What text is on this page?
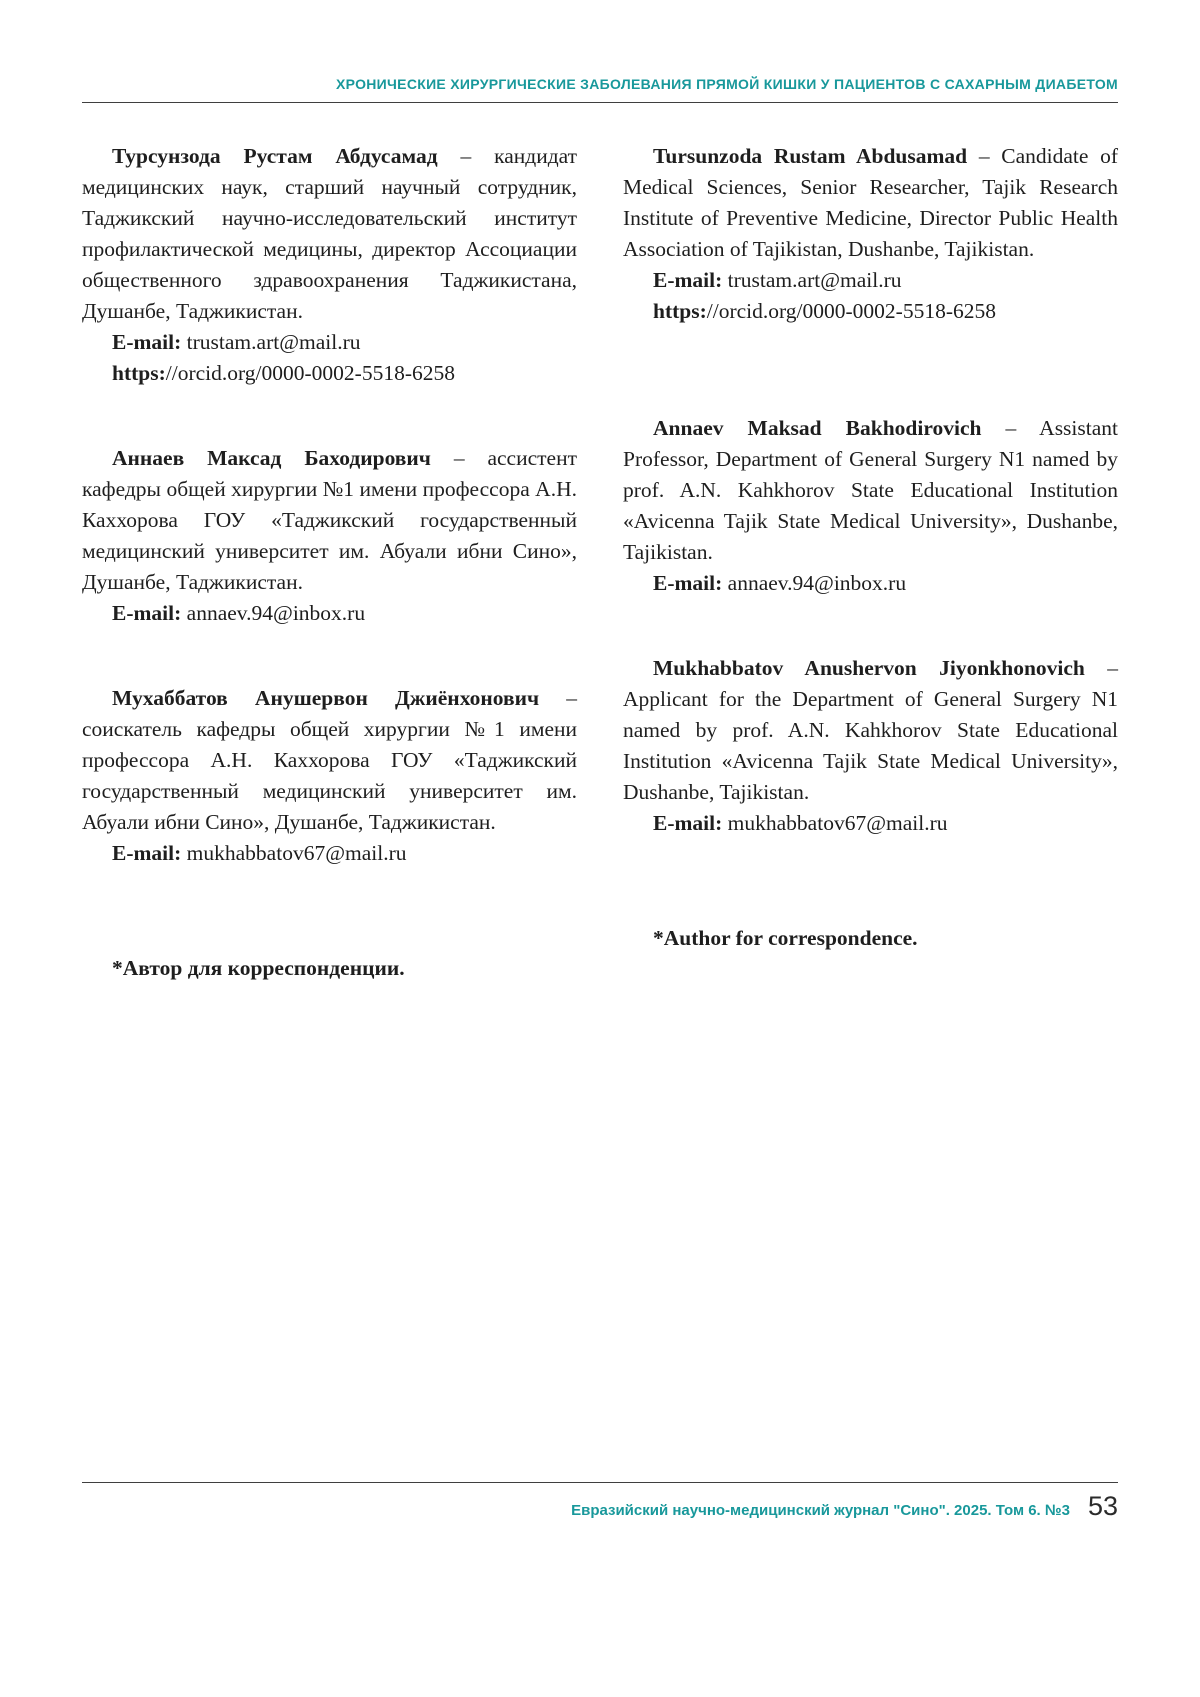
ХРОНИЧЕСКИЕ ХИРУРГИЧЕСКИЕ ЗАБОЛЕВАНИЯ ПРЯМОЙ КИШКИ У ПАЦИЕНТОВ С САХАРНЫМ ДИАБЕТОМ

Турсунзода Рустам Абдусамад – кандидат медицинских наук, старший научный сотрудник, Таджикский научно-исследовательский институт профилактической медицины, директор Ассоциации общественного здравоохранения Таджикистана, Душанбе, Таджикистан.

E-mail: trustam.art@mail.ru

https://orcid.org/0000-0002-5518-6258

Аннаев Максад Баходирович – ассистент кафедры общей хирургии №1 имени профессора А.Н. Каххорова ГОУ «Таджикский государственный медицинский университет им. Абуали ибни Сино», Душанбе, Таджикистан.

E-mail: annaev.94@inbox.ru

Мухаббатов Анушервон Джиёнхонович – соискатель кафедры общей хирургии №1 имени профессора А.Н. Каххорова ГОУ «Таджикский государственный медицинский университет им. Абуали ибни Сино», Душанбе, Таджикистан.

E-mail: mukhabbatov67@mail.ru

*Автор для корреспонденции.

Tursunzoda Rustam Abdusamad – Candidate of Medical Sciences, Senior Researcher, Tajik Research Institute of Preventive Medicine, Director Public Health Association of Tajikistan, Dushanbe, Tajikistan.

E-mail: trustam.art@mail.ru

https://orcid.org/0000-0002-5518-6258

Annaev Maksad Bakhodirovich – Assistant Professor, Department of General Surgery N1 named by prof. A.N. Kahkhorov State Educational Institution «Avicenna Tajik State Medical University», Dushanbe, Tajikistan.

E-mail: annaev.94@inbox.ru

Mukhabbatov Anushervon Jiyonkhonovich – Applicant for the Department of General Surgery N1 named by prof. A.N. Kahkhorov State Educational Institution «Avicenna Tajik State Medical University», Dushanbe, Tajikistan.

E-mail: mukhabbatov67@mail.ru

*Author for correspondence.

Евразийский научно-медицинский журнал "Сино". 2025. Том 6. №3 53
